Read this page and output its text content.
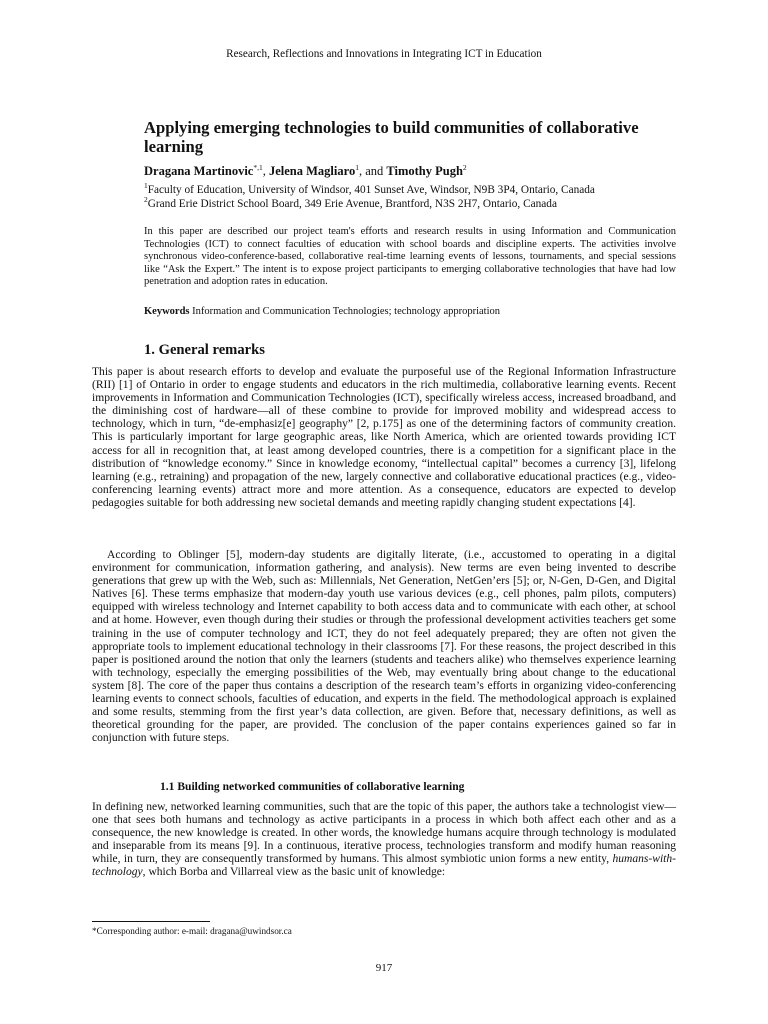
Research, Reflections and Innovations in Integrating ICT in Education
Applying emerging technologies to build communities of collaborative learning
Dragana Martinovic$^{*,1}$, Jelena Magliaro$^1$, and Timothy Pugh$^2$
$^1$Faculty of Education, University of Windsor, 401 Sunset Ave, Windsor, N9B 3P4, Ontario, Canada
$^2$Grand Erie District School Board, 349 Erie Avenue, Brantford, N3S 2H7, Ontario, Canada

In this paper are described our project team's efforts and research results in using Information and Communication Technologies (ICT) to connect faculties of education with school boards and discipline experts. The activities involve synchronous video-conference-based, collaborative real-time learning events of lessons, tournaments, and special sessions like “Ask the Expert.” The intent is to expose project participants to emerging collaborative technologies that have had low penetration and adoption rates in education.

Keywords Information and Communication Technologies; technology appropriation

1. General remarks

This paper is about research efforts to develop and evaluate the purposeful use of the Regional Information Infrastructure (RII) [1] of Ontario in order to engage students and educators in the rich multimedia, collaborative learning events. Recent improvements in Information and Communication Technologies (ICT), specifically wireless access, increased broadband, and the diminishing cost of hardware—all of these combine to provide for improved mobility and widespread access to technology, which in turn, “de-emphasiz[e] geography” [2, p.175] as one of the determining factors of community creation. This is particularly important for large geographic areas, like North America, which are oriented towards providing ICT access for all in recognition that, at least among developed countries, there is a competition for a significant place in the distribution of “knowledge economy.” Since in knowledge economy, “intellectual capital” becomes a currency [3], lifelong learning (e.g., retraining) and propagation of the new, largely connective and collaborative educational practices (e.g., video-conferencing learning events) attract more and more attention. As a consequence, educators are expected to develop pedagogies suitable for both addressing new societal demands and meeting rapidly changing student expectations [4].

According to Oblinger [5], modern-day students are digitally literate, (i.e., accustomed to operating in a digital environment for communication, information gathering, and analysis). New terms are even being invented to describe generations that grew up with the Web, such as: Millennials, Net Generation, NetGen’ers [5]; or, N-Gen, D-Gen, and Digital Natives [6]. These terms emphasize that modern-day youth use various devices (e.g., cell phones, palm pilots, computers) equipped with wireless technology and Internet capability to both access data and to communicate with each other, at school and at home. However, even though during their studies or through the professional development activities teachers get some training in the use of computer technology and ICT, they do not feel adequately prepared; they are often not given the appropriate tools to implement educational technology in their classrooms [7]. For these reasons, the project described in this paper is positioned around the notion that only the learners (students and teachers alike) who themselves experience learning with technology, especially the emerging possibilities of the Web, may eventually bring about change to the educational system [8]. The core of the paper thus contains a description of the research team’s efforts in organizing video-conferencing learning events to connect schools, faculties of education, and experts in the field. The methodological approach is explained and some results, stemming from the first year’s data collection, are given. Before that, necessary definitions, as well as theoretical grounding for the paper, are provided. The conclusion of the paper contains experiences gained so far in conjunction with future steps.

1.1 Building networked communities of collaborative learning

In defining new, networked learning communities, such that are the topic of this paper, the authors take a technologist view—one that sees both humans and technology as active participants in a process in which both affect each other and as a consequence, the new knowledge is created. In other words, the knowledge humans acquire through technology is modulated and inseparable from its means [9]. In a continuous, iterative process, technologies transform and modify human reasoning while, in turn, they are consequently transformed by humans. This almost symbiotic union forms a new entity, humans-with-technology, which Borba and Villarreal view as the basic unit of knowledge:

*Corresponding author: e-mail: dragana@uwindsor.ca

917
